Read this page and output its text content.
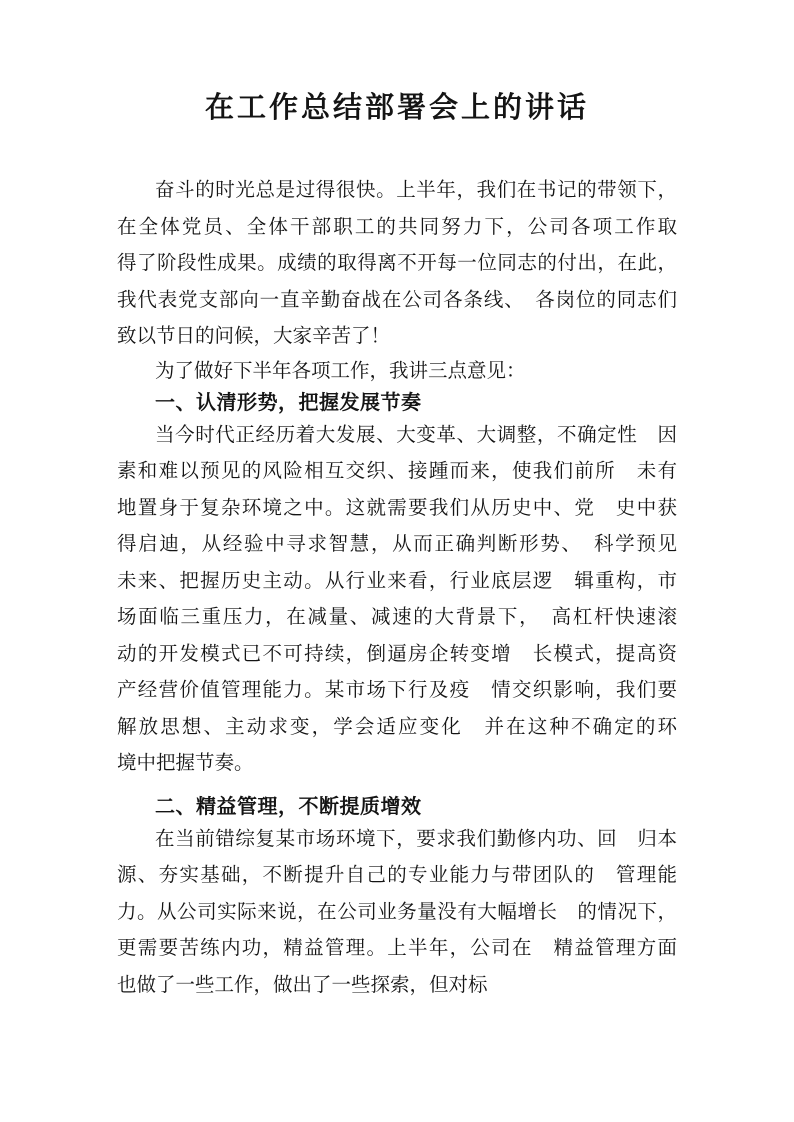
在工作总结部署会上的讲话
奋斗的时光总是过得很快。上半年，我们在书记的带领下，
在全体党员、全体干部职工的共同努力下，公司各项工作取
得了阶段性成果。成绩的取得离不开每一位同志的付出，在此，
我代表党支部向一直辛勤奋战在公司各条线、　各岗位的同志们
致以节日的问候，大家辛苦了！
为了做好下半年各项工作，我讲三点意见：
一、认清形势，把握发展节奏
当今时代正经历着大发展、大变革、大调整，不确定性　因
素和难以预见的风险相互交织、接踵而来，使我们前所　未有
地置身于复杂环境之中。这就需要我们从历史中、党　史中获
得启迪，从经验中寻求智慧，从而正确判断形势、　科学预见
未来、把握历史主动。从行业来看，行业底层逻　辑重构，市
场面临三重压力，在减量、减速的大背景下，　高杠杆快速滚
动的开发模式已不可持续，倒逼房企转变增　长模式，提高资
产经营价值管理能力。某市场下行及疫　情交织影响，我们要
解放思想、主动求变，学会适应变化　并在这种不确定的环
境中把握节奏。
二、精益管理，不断提质增效
在当前错综复某市场环境下，要求我们勤修内功、回　归本
源、夯实基础，不断提升自己的专业能力与带团队的　管理能
力。从公司实际来说，在公司业务量没有大幅增长　的情况下，
更需要苦练内功，精益管理。上半年，公司在　精益管理方面
也做了一些工作，做出了一些探索，但对标
